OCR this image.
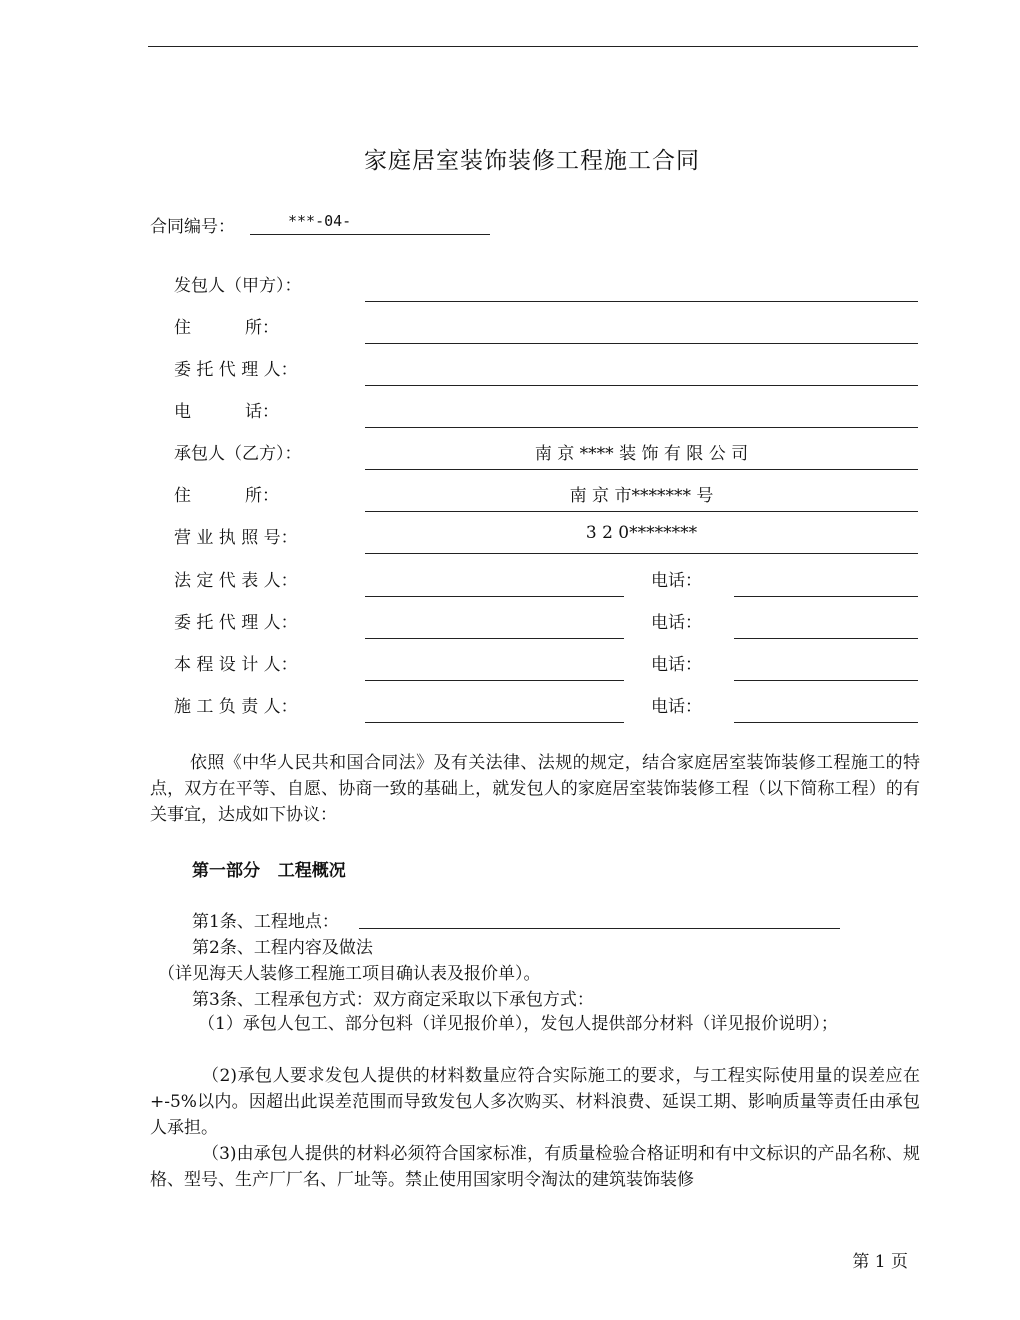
家庭居室装饰装修工程施工合同
合同编号：	***-04-
发包人（甲方）：
住          所：
委 托 代 理 人：
电          话：
承包人（乙方）：	南 京 **** 装 饰 有 限 公 司
住          所：	南 京 市******* 号
营 业 执 照 号：	3 2 0********
法 定 代 表 人：	电话：
委 托 代 理 人：	电话：
本 程 设 计 人：	电话：
施 工 负 责 人：	电话：
依照《中华人民共和国合同法》及有关法律、法规的规定，结合家庭居室装饰装修工程施工的特点，双方在平等、自愿、协商一致的基础上，就发包人的家庭居室装饰装修工程（以下简称工程）的有关事宜，达成如下协议：
第一部分   工程概况
第1条、工程地点：
第2条、工程内容及做法
（详见海天人装修工程施工项目确认表及报价单）。
第3条、工程承包方式：双方商定采取以下承包方式：
（1）承包人包工、部分包料（详见报价单），发包人提供部分材料（详见报价说明）；
（2)承包人要求发包人提供的材料数量应符合实际施工的要求，与工程实际使用量的误差应在+-5%以内。因超出此误差范围而导致发包人多次购买、材料浪费、延误工期、影响质量等责任由承包人承担。
（3)由承包人提供的材料必须符合国家标准，有质量检验合格证明和有中文标识的产品名称、规格、型号、生产厂厂名、厂址等。禁止使用国家明令淘汰的建筑装饰装修
第 1 页
